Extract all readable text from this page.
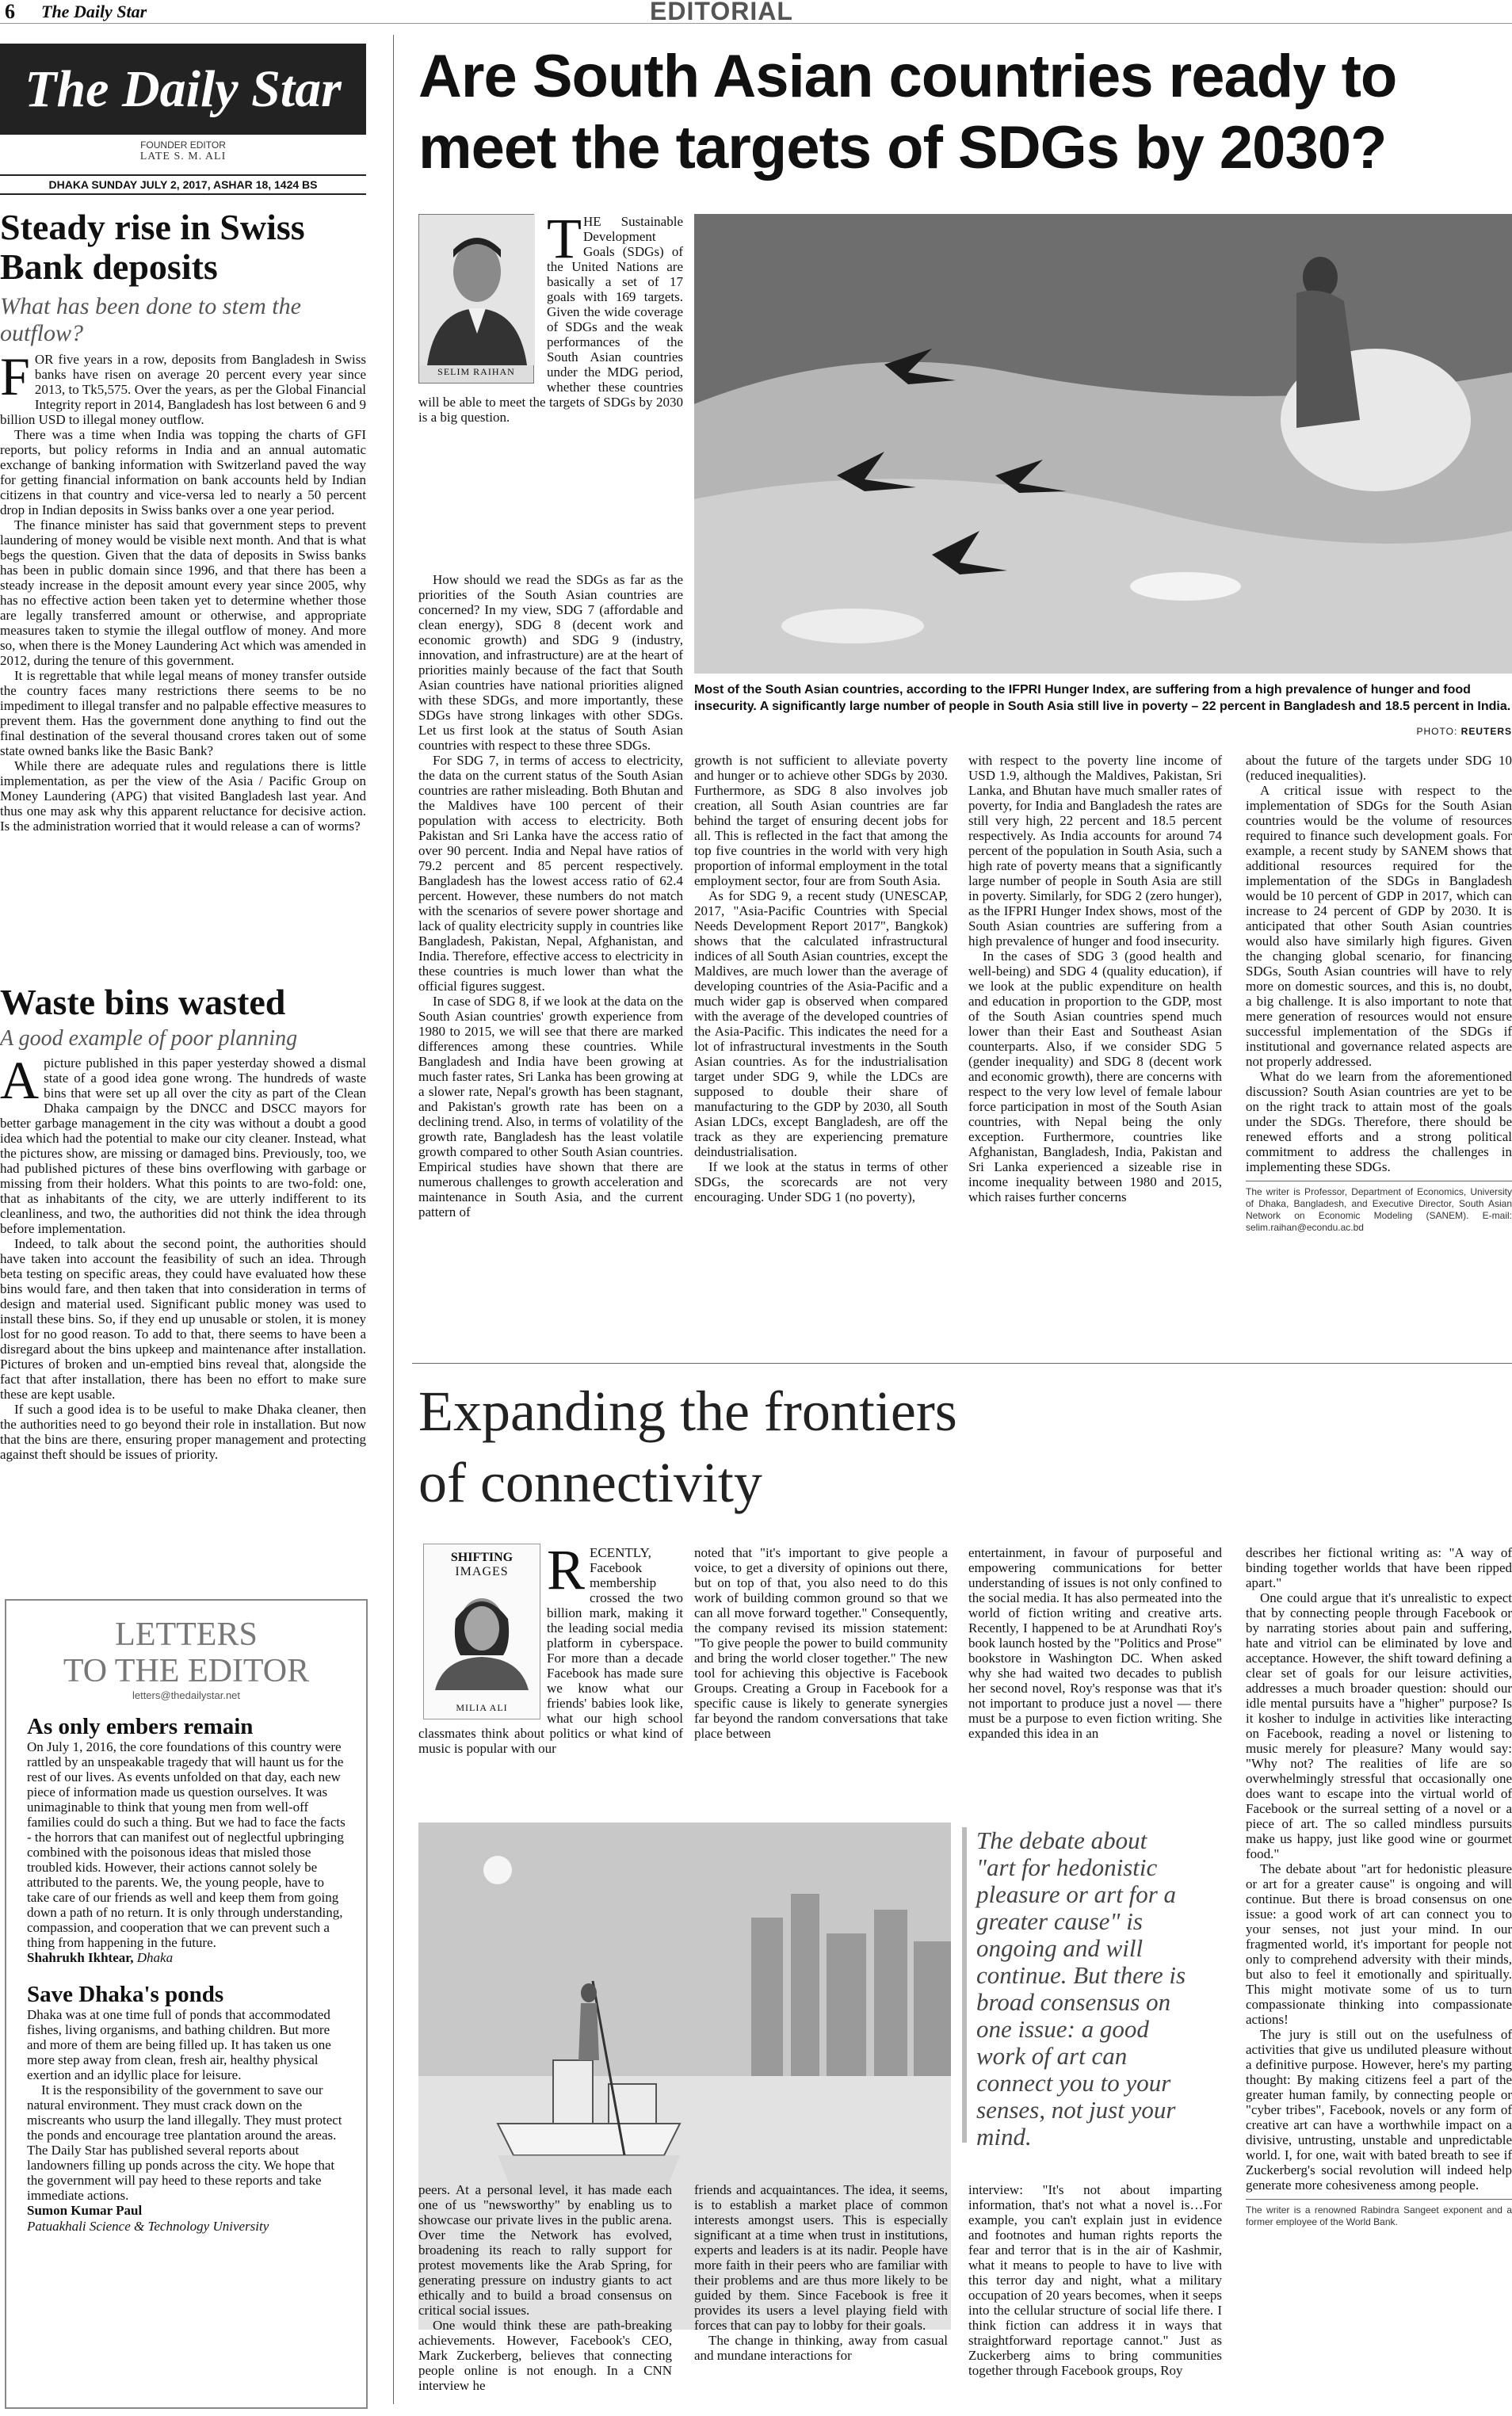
6 The Daily Star	EDITORIAL
The Daily Star
FOUNDER EDITOR
LATE S. M. ALI
DHAKA SUNDAY JULY 2, 2017, ASHAR 18, 1424 BS
Steady rise in Swiss Bank deposits
What has been done to stem the outflow?

FOR five years in a row, deposits from Bangladesh in Swiss banks have risen on average 20 percent every year since 2013, to Tk5,575. Over the years, as per the Global Financial Integrity report in 2014, Bangladesh has lost between 6 and 9 billion USD to illegal money outflow.

There was a time when India was topping the charts of GFI reports, but policy reforms in India and an annual automatic exchange of banking information with Switzerland paved the way for getting financial information on bank accounts held by Indian citizens in that country and vice-versa led to nearly a 50 percent drop in Indian deposits in Swiss banks over a one year period.

The finance minister has said that government steps to prevent laundering of money would be visible next month. And that is what begs the question. Given that the data of deposits in Swiss banks has been in public domain since 1996, and that there has been a steady increase in the deposit amount every year since 2005, why has no effective action been taken yet to determine whether those are legally transferred amount or otherwise, and appropriate measures taken to stymie the illegal outflow of money. And more so, when there is the Money Laundering Act which was amended in 2012, during the tenure of this government.

It is regrettable that while legal means of money transfer outside the country faces many restrictions there seems to be no impediment to illegal transfer and no palpable effective measures to prevent them. Has the government done anything to find out the final destination of the several thousand crores taken out of some state owned banks like the Basic Bank?

While there are adequate rules and regulations there is little implementation, as per the view of the Asia / Pacific Group on Money Laundering (APG) that visited Bangladesh last year. And thus one may ask why this apparent reluctance for decisive action. Is the administration worried that it would release a can of worms?

Waste bins wasted
A good example of poor planning

Apicture published in this paper yesterday showed a dismal state of a good idea gone wrong. The hundreds of waste bins that were set up all over the city as part of the Clean Dhaka campaign by the DNCC and DSCC mayors for better garbage management in the city was without a doubt a good idea which had the potential to make our city cleaner. Instead, what the pictures show, are missing or damaged bins. Previously, too, we had published pictures of these bins overflowing with garbage or missing from their holders. What this points to are two-fold: one, that as inhabitants of the city, we are utterly indifferent to its cleanliness, and two, the authorities did not think the idea through before implementation.

Indeed, to talk about the second point, the authorities should have taken into account the feasibility of such an idea. Through beta testing on specific areas, they could have evaluated how these bins would fare, and then taken that into consideration in terms of design and material used. Significant public money was used to install these bins. So, if they end up unusable or stolen, it is money lost for no good reason. To add to that, there seems to have been a disregard about the bins upkeep and maintenance after installation. Pictures of broken and un-emptied bins reveal that, alongside the fact that after installation, there has been no effort to make sure these are kept usable.

If such a good idea is to be useful to make Dhaka cleaner, then the authorities need to go beyond their role in installation. But now that the bins are there, ensuring proper management and protecting against theft should be issues of priority.

LETTERS
TO THE EDITOR
letters@thedailystar.net
As only embers remain
On July 1, 2016, the core foundations of this country were rattled by an unspeakable tragedy that will haunt us for the rest of our lives. As events unfolded on that day, each new piece of information made us question ourselves. It was unimaginable to think that young men from well-off families could do such a thing. But we had to face the facts - the horrors that can manifest out of neglectful upbringing combined with the poisonous ideas that misled those troubled kids. However, their actions cannot solely be attributed to the parents. We, the young people, have to take care of our friends as well and keep them from going down a path of no return. It is only through understanding, compassion, and cooperation that we can prevent such a thing from happening in the future.
Shahrukh Ikhtear, Dhaka
Save Dhaka's ponds
Dhaka was at one time full of ponds that accommodated fishes, living organisms, and bathing children. But more and more of them are being filled up. It has taken us one more step away from clean, fresh air, healthy physical exertion and an idyllic place for leisure.
It is the responsibility of the government to save our natural environment. They must crack down on the miscreants who usurp the land illegally. They must protect the ponds and encourage tree plantation around the areas. The Daily Star has published several reports about landowners filling up ponds across the city. We hope that the government will pay heed to these reports and take immediate actions.
Sumon Kumar Paul
Patuakhali Science & Technology University
Are South Asian countries ready to meet the targets of SDGs by 2030?
SELIM RAIHAN
T HE Sustainable Development Goals (SDGs) of the United Nations are basically a set of 17 goals with 169 targets. Given the wide coverage of SDGs and the weak performances of the South Asian countries under the MDG period, whether these countries will be able to meet the targets of SDGs by 2030 is a big question.

How should we read the SDGs as far as the priorities of the South Asian countries are concerned? In my view, SDG 7 (affordable and clean energy), SDG 8 (decent work and economic growth) and SDG 9 (industry, innovation, and infrastructure) are at the heart of priorities mainly because of the fact that South Asian countries have national priorities aligned with these SDGs, and more importantly, these SDGs have strong linkages with other SDGs. Let us first look at the status of South Asian countries with respect to these three SDGs.

For SDG 7, in terms of access to electricity, the data on the current status of the South Asian countries are rather misleading. Both Bhutan and the Maldives have 100 percent of their population with access to electricity. Both Pakistan and Sri Lanka have the access ratio of over 90 percent. India and Nepal have ratios of 79.2 percent and 85 percent respectively. Bangladesh has the lowest access ratio of 62.4 percent. However, these numbers do not match with the scenarios of severe power shortage and lack of quality electricity supply in countries like Bangladesh, Pakistan, Nepal, Afghanistan, and India. Therefore, effective access to electricity in these countries is much lower than what the official figures suggest.

In case of SDG 8, if we look at the data on the South Asian countries' growth experience from 1980 to 2015, we will see that there are marked differences among these countries. While Bangladesh and India have been growing at much faster rates, Sri Lanka has been growing at a slower rate, Nepal's growth has been stagnant, and Pakistan's growth rate has been on a declining trend. Also, in terms of volatility of the growth rate, Bangladesh has the least volatile growth compared to other South Asian countries. Empirical studies have shown that there are numerous challenges to growth acceleration and maintenance in South Asia, and the current pattern of

Most of the South Asian countries, according to the IFPRI Hunger Index, are suffering from a high prevalence of hunger and food insecurity. A significantly large number of people in South Asia still live in poverty – 22 percent in Bangladesh and 18.5 percent in India.
PHOTO: REUTERS

growth is not sufficient to alleviate poverty and hunger or to achieve other SDGs by 2030. Furthermore, as SDG 8 also involves job creation, all South Asian countries are far behind the target of ensuring decent jobs for all. This is reflected in the fact that among the top five countries in the world with very high proportion of informal employment in the total employment sector, four are from South Asia.

As for SDG 9, a recent study (UNESCAP, 2017, "Asia-Pacific Countries with Special Needs Development Report 2017", Bangkok) shows that the calculated infrastructural indices of all South Asian countries, except the Maldives, are much lower than the average of developing countries of the Asia-Pacific and a much wider gap is observed when compared with the average of the developed countries of the Asia-Pacific. This indicates the need for a lot of infrastructural investments in the South Asian countries. As for the industrialisation target under SDG 9, while the LDCs are supposed to double their share of manufacturing to the GDP by 2030, all South Asian LDCs, except Bangladesh, are off the track as they are experiencing premature deindustrialisation.

If we look at the status in terms of other SDGs, the scorecards are not very encouraging. Under SDG 1 (no poverty),

with respect to the poverty line income of USD 1.9, although the Maldives, Pakistan, Sri Lanka, and Bhutan have much smaller rates of poverty, for India and Bangladesh the rates are still very high, 22 percent and 18.5 percent respectively. As India accounts for around 74 percent of the population in South Asia, such a high rate of poverty means that a significantly large number of people in South Asia are still in poverty. Similarly, for SDG 2 (zero hunger), as the IFPRI Hunger Index shows, most of the South Asian countries are suffering from a high prevalence of hunger and food insecurity.

In the cases of SDG 3 (good health and well-being) and SDG 4 (quality education), if we look at the public expenditure on health and education in proportion to the GDP, most of the South Asian countries spend much lower than their East and Southeast Asian counterparts. Also, if we consider SDG 5 (gender inequality) and SDG 8 (decent work and economic growth), there are concerns with respect to the very low level of female labour force participation in most of the South Asian countries, with Nepal being the only exception. Furthermore, countries like Afghanistan, Bangladesh, India, Pakistan and Sri Lanka experienced a sizeable rise in income inequality between 1980 and 2015, which raises further concerns

about the future of the targets under SDG 10 (reduced inequalities).

A critical issue with respect to the implementation of SDGs for the South Asian countries would be the volume of resources required to finance such development goals. For example, a recent study by SANEM shows that additional resources required for the implementation of the SDGs in Bangladesh would be 10 percent of GDP in 2017, which can increase to 24 percent of GDP by 2030. It is anticipated that other South Asian countries would also have similarly high figures. Given the changing global scenario, for financing SDGs, South Asian countries will have to rely more on domestic sources, and this is, no doubt, a big challenge. It is also important to note that mere generation of resources would not ensure successful implementation of the SDGs if institutional and governance related aspects are not properly addressed.

What do we learn from the aforementioned discussion? South Asian countries are yet to be on the right track to attain most of the goals under the SDGs. Therefore, there should be renewed efforts and a strong political commitment to address the challenges in implementing these SDGs.

The writer is Professor, Department of Economics, University of Dhaka, Bangladesh, and Executive Director, South Asian Network on Economic Modeling (SANEM). E-mail: selim.raihan@econdu.ac.bd
Expanding the frontiers
of connectivity
SHIFTING
IMAGES
MILIA ALI
R ECENTLY, Facebook membership crossed the two billion mark, making it the leading social media platform in cyberspace. For more than a decade Facebook has made sure we know what our friends' babies look like, what our high school classmates think about politics or what kind of music is popular with our
noted that "it's important to give people a voice, to get a diversity of opinions out there, but on top of that, you also need to do this work of building common ground so that we can all move forward together." Consequently, the company revised its mission statement: "To give people the power to build community and bring the world closer together." The new tool for achieving this objective is Facebook Groups. Creating a Group in Facebook for a specific cause is likely to generate synergies far beyond the random conversations that take place between
entertainment, in favour of purposeful and empowering communications for better understanding of issues is not only confined to the social media. It has also permeated into the world of fiction writing and creative arts. Recently, I happened to be at Arundhati Roy's book launch hosted by the "Politics and Prose" bookstore in Washington DC. When asked why she had waited two decades to publish her second novel, Roy's response was that it's not important to produce just a novel — there must be a purpose to even fiction writing. She expanded this idea in an
The debate about "art for hedonistic pleasure or art for a greater cause" is ongoing and will continue. But there is broad consensus on one issue: a good work of art can connect you to your senses, not just your mind.

peers. At a personal level, it has made each one of us "newsworthy" by enabling us to showcase our private lives in the public arena. Over time the Network has evolved, broadening its reach to rally support for protest movements like the Arab Spring, for generating pressure on industry giants to act ethically and to build a broad consensus on critical social issues.

One would think these are path-breaking achievements. However, Facebook's CEO, Mark Zuckerberg, believes that connecting people online is not enough. In a CNN interview he

friends and acquaintances. The idea, it seems, is to establish a market place of common interests amongst users. This is especially significant at a time when trust in institutions, experts and leaders is at its nadir. People have more faith in their peers who are familiar with their problems and are thus more likely to be guided by them. Since Facebook is free it provides its users a level playing field with forces that can pay to lobby for their goals.

The change in thinking, away from casual and mundane interactions for

interview: "It's not about imparting information, that's not what a novel is…For example, you can't explain just in evidence and footnotes and human rights reports the fear and terror that is in the air of Kashmir, what it means to people to have to live with this terror day and night, what a military occupation of 20 years becomes, when it seeps into the cellular structure of social life there. I think fiction can address it in ways that straightforward reportage cannot." Just as Zuckerberg aims to bring communities together through Facebook groups, Roy

describes her fictional writing as: "A way of binding together worlds that have been ripped apart."

One could argue that it's unrealistic to expect that by connecting people through Facebook or by narrating stories about pain and suffering, hate and vitriol can be eliminated by love and acceptance. However, the shift toward defining a clear set of goals for our leisure activities, addresses a much broader question: should our idle mental pursuits have a "higher" purpose? Is it kosher to indulge in activities like interacting on Facebook, reading a novel or listening to music merely for pleasure? Many would say: "Why not? The realities of life are so overwhelmingly stressful that occasionally one does want to escape into the virtual world of Facebook or the surreal setting of a novel or a piece of art. The so called mindless pursuits make us happy, just like good wine or gourmet food."

The debate about "art for hedonistic pleasure or art for a greater cause" is ongoing and will continue. But there is broad consensus on one issue: a good work of art can connect you to your senses, not just your mind. In our fragmented world, it's important for people not only to comprehend adversity with their minds, but also to feel it emotionally and spiritually. This might motivate some of us to turn compassionate thinking into compassionate actions!

The jury is still out on the usefulness of activities that give us undiluted pleasure without a definitive purpose. However, here's my parting thought: By making citizens feel a part of the greater human family, by connecting people or "cyber tribes", Facebook, novels or any form of creative art can have a worthwhile impact on a divisive, untrusting, unstable and unpredictable world. I, for one, wait with bated breath to see if Zuckerberg's social revolution will indeed help generate more cohesiveness among people.

The writer is a renowned Rabindra Sangeet exponent and a former employee of the World Bank.
